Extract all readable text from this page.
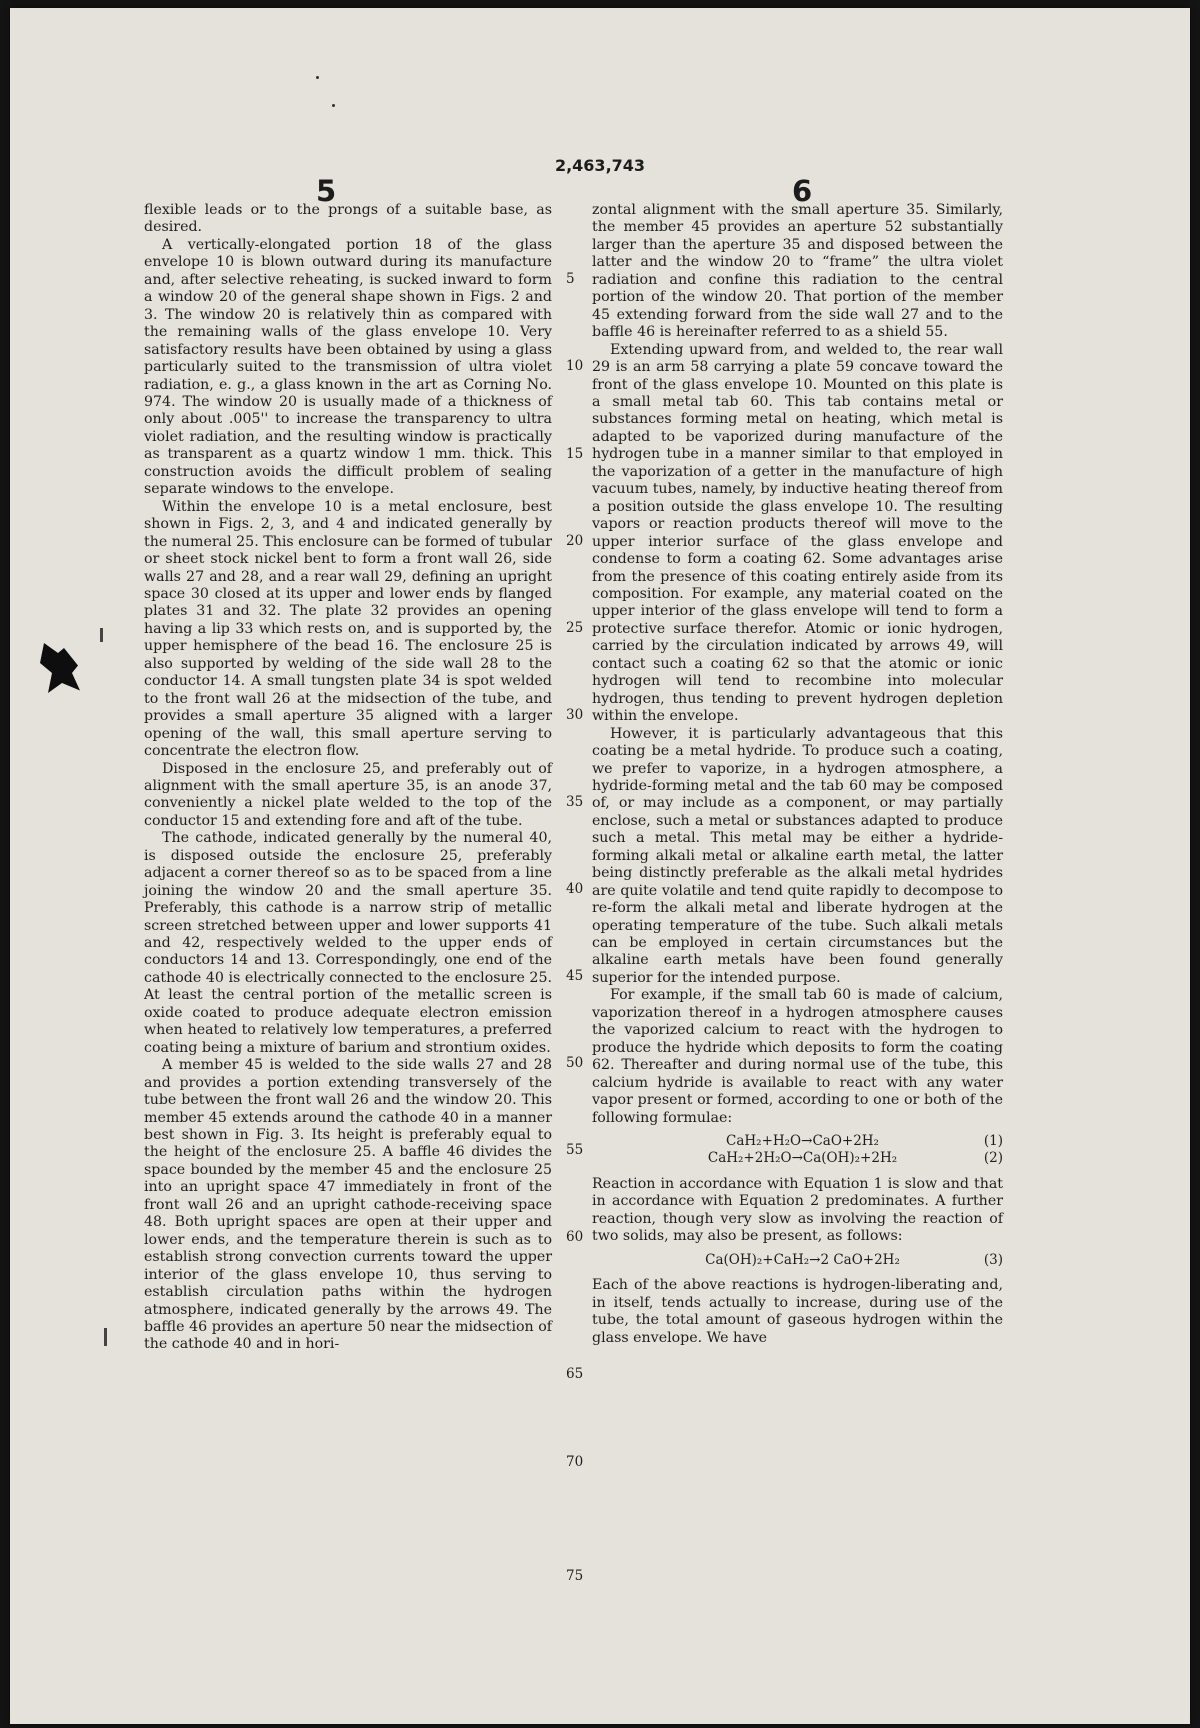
2,463,743
5	6

flexible leads or to the prongs of a suitable base, as desired.

A vertically-elongated portion 18 of the glass envelope 10 is blown outward during its manufacture and, after selective reheating, is sucked inward to form a window 20 of the general shape shown in Figs. 2 and 3. The window 20 is relatively thin as compared with the remaining walls of the glass envelope 10. Very satisfactory results have been obtained by using a glass particularly suited to the transmission of ultra violet radiation, e. g., a glass known in the art as Corning No. 974. The window 20 is usually made of a thickness of only about .005'' to increase the transparency to ultra violet radiation, and the resulting window is practically as transparent as a quartz window 1 mm. thick. This construction avoids the difficult problem of sealing separate windows to the envelope.

Within the envelope 10 is a metal enclosure, best shown in Figs. 2, 3, and 4 and indicated generally by the numeral 25. This enclosure can be formed of tubular or sheet stock nickel bent to form a front wall 26, side walls 27 and 28, and a rear wall 29, defining an upright space 30 closed at its upper and lower ends by flanged plates 31 and 32. The plate 32 provides an opening having a lip 33 which rests on, and is supported by, the upper hemisphere of the bead 16. The enclosure 25 is also supported by welding of the side wall 28 to the conductor 14. A small tungsten plate 34 is spot welded to the front wall 26 at the midsection of the tube, and provides a small aperture 35 aligned with a larger opening of the wall, this small aperture serving to concentrate the electron flow.

Disposed in the enclosure 25, and preferably out of alignment with the small aperture 35, is an anode 37, conveniently a nickel plate welded to the top of the conductor 15 and extending fore and aft of the tube.

The cathode, indicated generally by the numeral 40, is disposed outside the enclosure 25, preferably adjacent a corner thereof so as to be spaced from a line joining the window 20 and the small aperture 35. Preferably, this cathode is a narrow strip of metallic screen stretched between upper and lower supports 41 and 42, respectively welded to the upper ends of conductors 14 and 13. Correspondingly, one end of the cathode 40 is electrically connected to the enclosure 25. At least the central portion of the metallic screen is oxide coated to produce adequate electron emission when heated to relatively low temperatures, a preferred coating being a mixture of barium and strontium oxides.

A member 45 is welded to the side walls 27 and 28 and provides a portion extending transversely of the tube between the front wall 26 and the window 20. This member 45 extends around the cathode 40 in a manner best shown in Fig. 3. Its height is preferably equal to the height of the enclosure 25. A baffle 46 divides the space bounded by the member 45 and the enclosure 25 into an upright space 47 immediately in front of the front wall 26 and an upright cathode-receiving space 48. Both upright spaces are open at their upper and lower ends, and the temperature therein is such as to establish strong convection currents toward the upper interior of the glass envelope 10, thus serving to establish circulation paths within the hydrogen atmosphere, indicated generally by the arrows 49. The baffle 46 provides an aperture 50 near the midsection of the cathode 40 and in hori-

5
10
15
20
25
30
35
40
45
50
55
60
65
70
75

zontal alignment with the small aperture 35. Similarly, the member 45 provides an aperture 52 substantially larger than the aperture 35 and disposed between the latter and the window 20 to “frame” the ultra violet radiation and confine this radiation to the central portion of the window 20. That portion of the member 45 extending forward from the side wall 27 and to the baffle 46 is hereinafter referred to as a shield 55.

Extending upward from, and welded to, the rear wall 29 is an arm 58 carrying a plate 59 concave toward the front of the glass envelope 10. Mounted on this plate is a small metal tab 60. This tab contains metal or substances forming metal on heating, which metal is adapted to be vaporized during manufacture of the hydrogen tube in a manner similar to that employed in the vaporization of a getter in the manufacture of high vacuum tubes, namely, by inductive heating thereof from a position outside the glass envelope 10. The resulting vapors or reaction products thereof will move to the upper interior surface of the glass envelope and condense to form a coating 62. Some advantages arise from the presence of this coating entirely aside from its composition. For example, any material coated on the upper interior of the glass envelope will tend to form a protective surface therefor. Atomic or ionic hydrogen, carried by the circulation indicated by arrows 49, will contact such a coating 62 so that the atomic or ionic hydrogen will tend to recombine into molecular hydrogen, thus tending to prevent hydrogen depletion within the envelope.

However, it is particularly advantageous that this coating be a metal hydride. To produce such a coating, we prefer to vaporize, in a hydrogen atmosphere, a hydride-forming metal and the tab 60 may be composed of, or may include as a component, or may partially enclose, such a metal or substances adapted to produce such a metal. This metal may be either a hydride-forming alkali metal or alkaline earth metal, the latter being distinctly preferable as the alkali metal hydrides are quite volatile and tend quite rapidly to decompose to re-form the alkali metal and liberate hydrogen at the operating temperature of the tube. Such alkali metals can be employed in certain circumstances but the alkaline earth metals have been found generally superior for the intended purpose.

For example, if the small tab 60 is made of calcium, vaporization thereof in a hydrogen atmosphere causes the vaporized calcium to react with the hydrogen to produce the hydride which deposits to form the coating 62. Thereafter and during normal use of the tube, this calcium hydride is available to react with any water vapor present or formed, according to one or both of the following formulae:

CaH₂+H₂O→CaO+2H₂	(1)
CaH₂+2H₂O→Ca(OH)₂+2H₂	(2)

Reaction in accordance with Equation 1 is slow and that in accordance with Equation 2 predominates. A further reaction, though very slow as involving the reaction of two solids, may also be present, as follows:

Ca(OH)₂+CaH₂→2 CaO+2H₂	(3)

Each of the above reactions is hydrogen-liberating and, in itself, tends actually to increase, during use of the tube, the total amount of gaseous hydrogen within the glass envelope. We have
